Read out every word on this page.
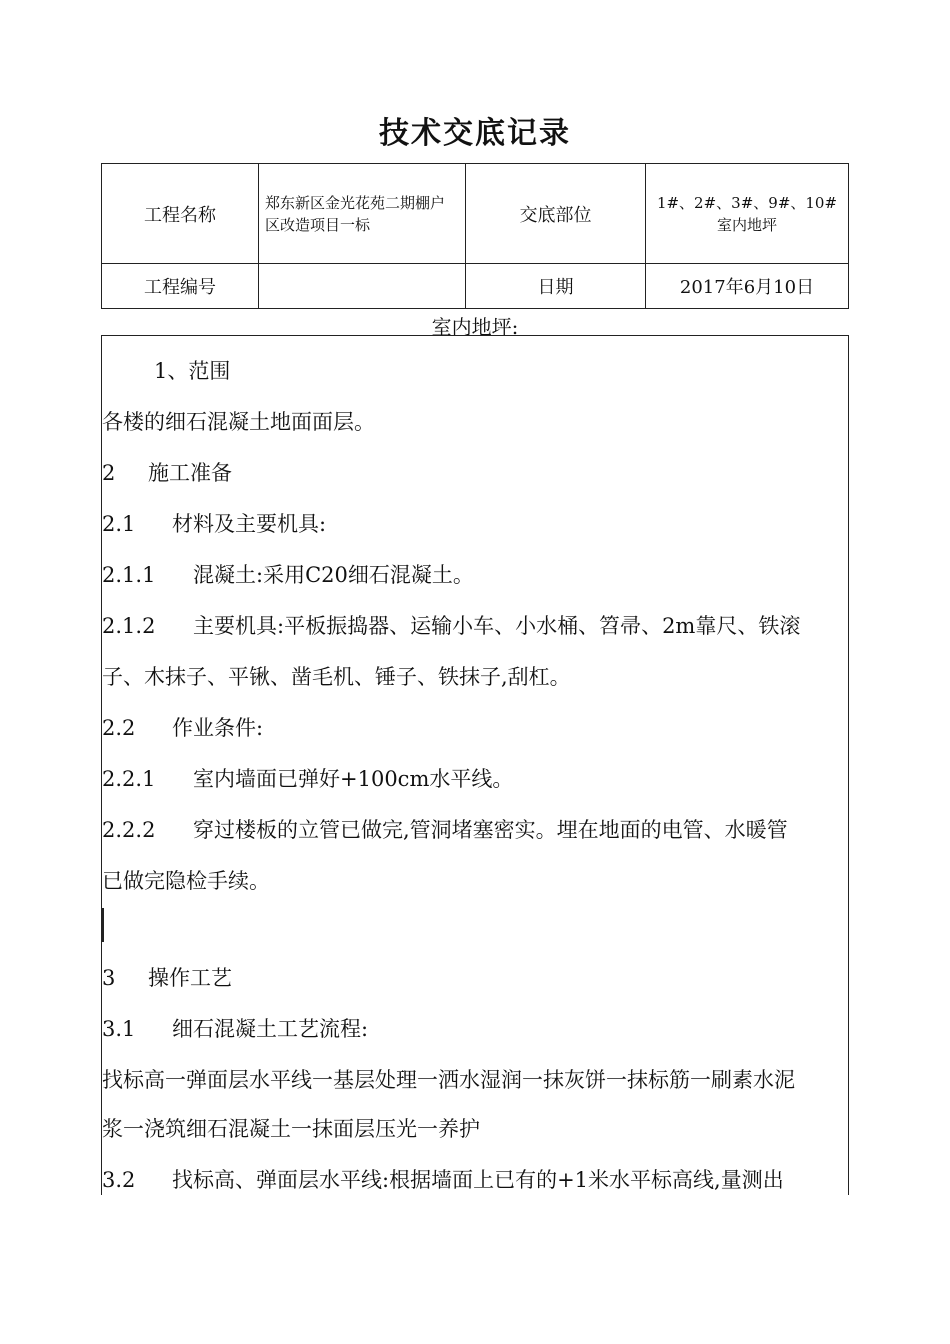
技术交底记录
工程名称	郑东新区金光花苑二期棚户区改造项目一标	交底部位	1#、2#、3#、9#、10#室内地坪
工程编号		日期	2017年6月10日
室内地坪:
1、范围
各楼的细石混凝土地面面层。
2 施工准备
2.1 材料及主要机具:
2.1.1 混凝土:采用C20细石混凝土。
2.1.2 主要机具:平板振捣器、运输小车、小水桶、笤帚、2m靠尺、铁滚
子、木抹子、平锹、凿毛机、锤子、铁抹子,刮杠。
2.2 作业条件:
2.2.1 室内墙面已弹好+100cm水平线。
2.2.2 穿过楼板的立管已做完,管洞堵塞密实。埋在地面的电管、水暖管
已做完隐检手续。
3 操作工艺
3.1 细石混凝土工艺流程:
找标高一弹面层水平线一基层处理一洒水湿润一抹灰饼一抹标筋一刷素水泥
浆一浇筑细石混凝土一抹面层压光一养护
3.2 找标高、弹面层水平线:根据墙面上已有的+1米水平标高线,量测出
